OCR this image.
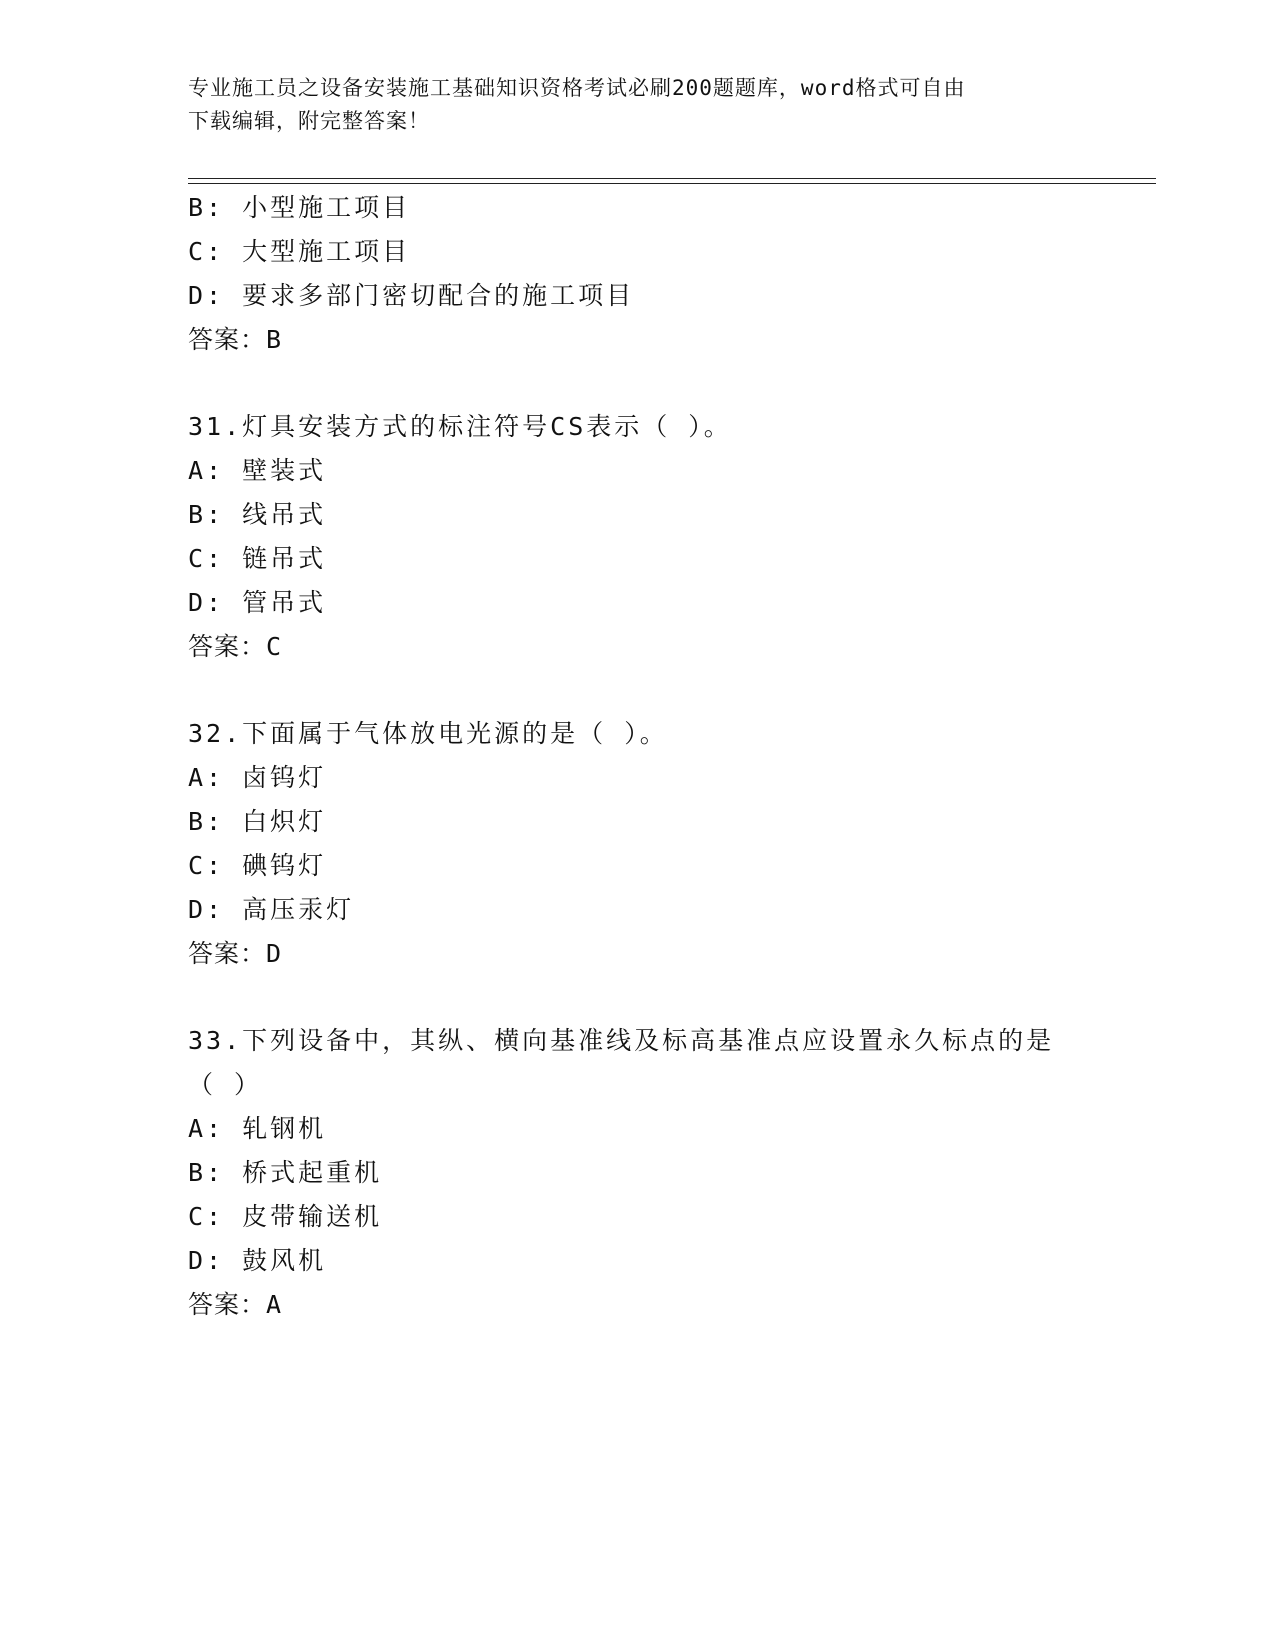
专业施工员之设备安装施工基础知识资格考试必刷200题题库，word格式可自由
下载编辑，附完整答案！
B: 小型施工项目
C: 大型施工项目
D: 要求多部门密切配合的施工项目
答案：B
31.灯具安装方式的标注符号CS表示（ ）。
A: 壁装式
B: 线吊式
C: 链吊式
D: 管吊式
答案：C
32.下面属于气体放电光源的是（ ）。
A: 卤钨灯
B: 白炽灯
C: 碘钨灯
D: 高压汞灯
答案：D
33.下列设备中，其纵、横向基准线及标高基准点应设置永久标点的是
（ ）
A: 轧钢机
B: 桥式起重机
C: 皮带输送机
D: 鼓风机
答案：A
